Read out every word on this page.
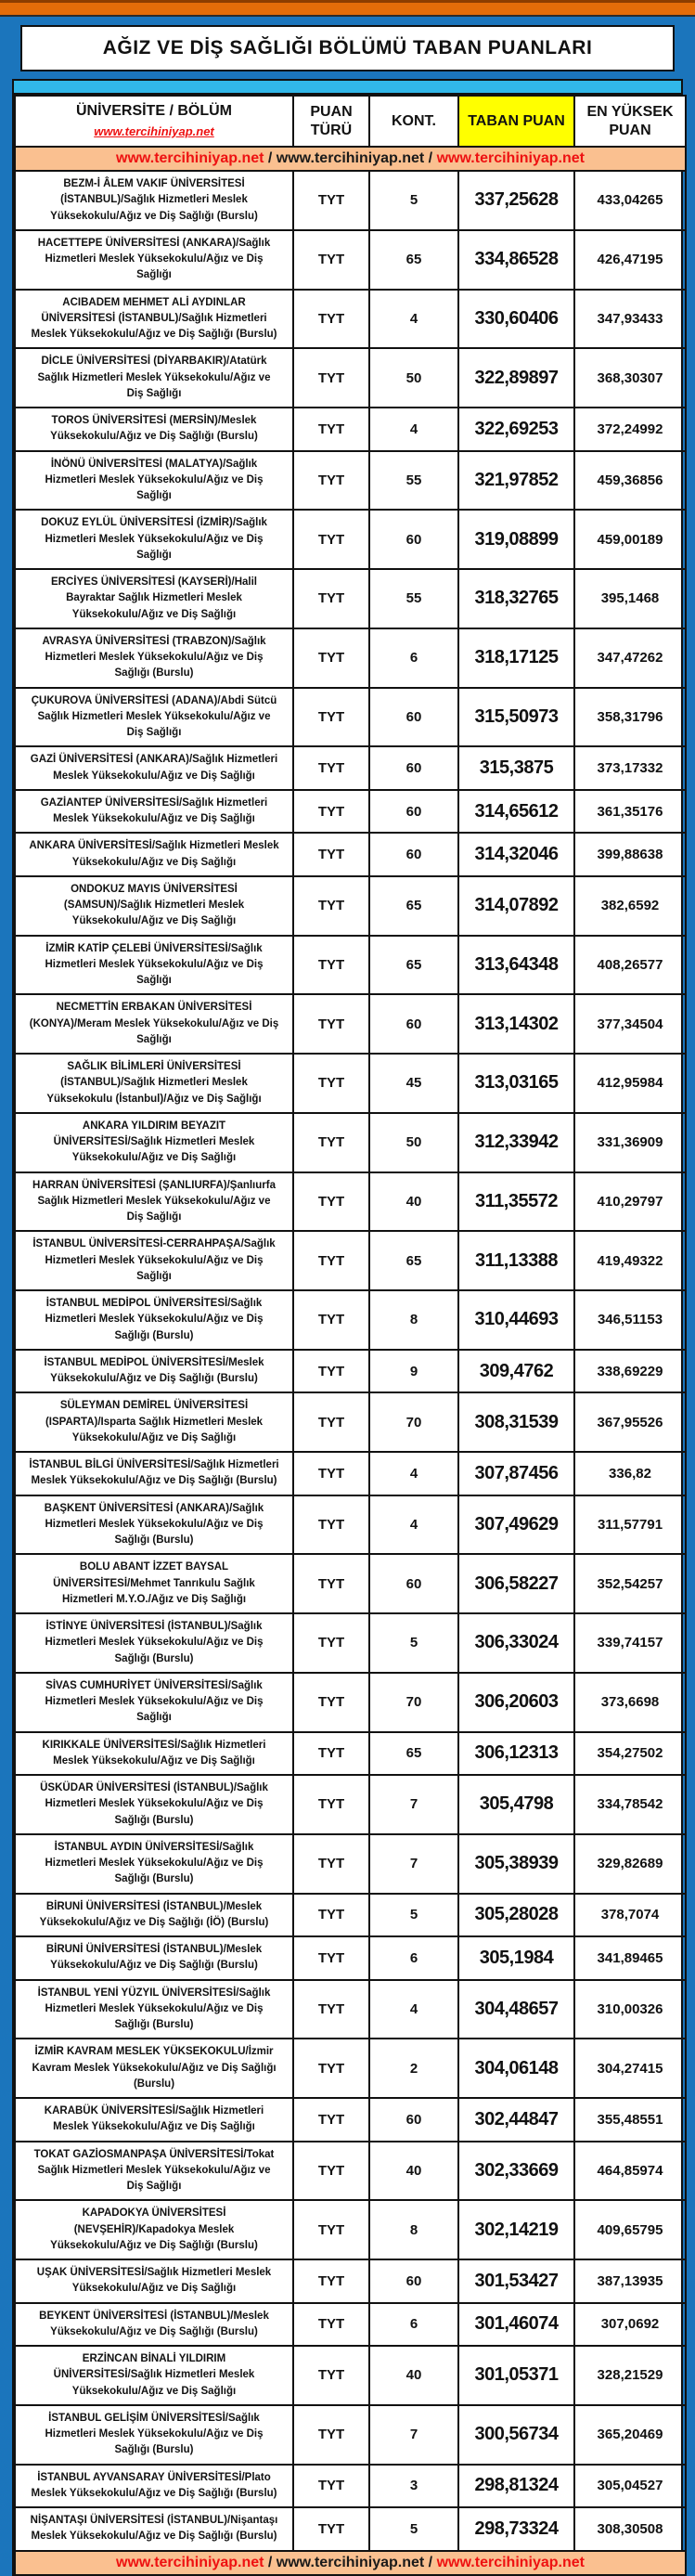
AĞIZ VE DİŞ SAĞLIĞI BÖLÜMÜ TABAN PUANLARI
ÜNİVERSİTE / BÖLÜM
www.tercihiniyap.net	PUAN TÜRÜ	KONT.	TABAN PUAN	EN YÜKSEK PUAN

www.tercihiniyap.net / www.tercihiniyap.net / www.tercihiniyap.net				
BEZM-İ ÂLEM VAKIF ÜNİVERSİTESİ (İSTANBUL)/Sağlık Hizmetleri Meslek Yüksekokulu/Ağız ve Diş Sağlığı (Burslu)	TYT	5	337,25628	433,04265
HACETTEPE ÜNİVERSİTESİ (ANKARA)/Sağlık Hizmetleri Meslek Yüksekokulu/Ağız ve Diş Sağlığı	TYT	65	334,86528	426,47195
ACIBADEM MEHMET ALİ AYDINLAR ÜNİVERSİTESİ (İSTANBUL)/Sağlık Hizmetleri Meslek Yüksekokulu/Ağız ve Diş Sağlığı (Burslu)	TYT	4	330,60406	347,93433
DİCLE ÜNİVERSİTESİ (DİYARBAKIR)/Atatürk Sağlık Hizmetleri Meslek Yüksekokulu/Ağız ve Diş Sağlığı	TYT	50	322,89897	368,30307
TOROS ÜNİVERSİTESİ (MERSİN)/Meslek Yüksekokulu/Ağız ve Diş Sağlığı (Burslu)	TYT	4	322,69253	372,24992
İNÖNÜ ÜNİVERSİTESİ (MALATYA)/Sağlık Hizmetleri Meslek Yüksekokulu/Ağız ve Diş Sağlığı	TYT	55	321,97852	459,36856
DOKUZ EYLÜL ÜNİVERSİTESİ (İZMİR)/Sağlık Hizmetleri Meslek Yüksekokulu/Ağız ve Diş Sağlığı	TYT	60	319,08899	459,00189
ERCİYES ÜNİVERSİTESİ (KAYSERİ)/Halil Bayraktar Sağlık Hizmetleri Meslek Yüksekokulu/Ağız ve Diş Sağlığı	TYT	55	318,32765	395,1468
AVRASYA ÜNİVERSİTESİ (TRABZON)/Sağlık Hizmetleri Meslek Yüksekokulu/Ağız ve Diş Sağlığı (Burslu)	TYT	6	318,17125	347,47262
ÇUKUROVA ÜNİVERSİTESİ (ADANA)/Abdi Sütcü Sağlık Hizmetleri Meslek Yüksekokulu/Ağız ve Diş Sağlığı	TYT	60	315,50973	358,31796
GAZİ ÜNİVERSİTESİ (ANKARA)/Sağlık Hizmetleri Meslek Yüksekokulu/Ağız ve Diş Sağlığı	TYT	60	315,3875	373,17332
GAZİANTEP ÜNİVERSİTESİ/Sağlık Hizmetleri Meslek Yüksekokulu/Ağız ve Diş Sağlığı	TYT	60	314,65612	361,35176
ANKARA ÜNİVERSİTESİ/Sağlık Hizmetleri Meslek Yüksekokulu/Ağız ve Diş Sağlığı	TYT	60	314,32046	399,88638
ONDOKUZ MAYIS ÜNİVERSİTESİ (SAMSUN)/Sağlık Hizmetleri Meslek Yüksekokulu/Ağız ve Diş Sağlığı	TYT	65	314,07892	382,6592
İZMİR KATİP ÇELEBİ ÜNİVERSİTESİ/Sağlık Hizmetleri Meslek Yüksekokulu/Ağız ve Diş Sağlığı	TYT	65	313,64348	408,26577
NECMETTİN ERBAKAN ÜNİVERSİTESİ (KONYA)/Meram Meslek Yüksekokulu/Ağız ve Diş Sağlığı	TYT	60	313,14302	377,34504
SAĞLIK BİLİMLERİ ÜNİVERSİTESİ (İSTANBUL)/Sağlık Hizmetleri Meslek Yüksekokulu (İstanbul)/Ağız ve Diş Sağlığı	TYT	45	313,03165	412,95984
ANKARA YILDIRIM BEYAZIT ÜNİVERSİTESİ/Sağlık Hizmetleri Meslek Yüksekokulu/Ağız ve Diş Sağlığı	TYT	50	312,33942	331,36909
HARRAN ÜNİVERSİTESİ (ŞANLIURFA)/Şanlıurfa Sağlık Hizmetleri Meslek Yüksekokulu/Ağız ve Diş Sağlığı	TYT	40	311,35572	410,29797
İSTANBUL ÜNİVERSİTESİ-CERRAHPAŞA/Sağlık Hizmetleri Meslek Yüksekokulu/Ağız ve Diş Sağlığı	TYT	65	311,13388	419,49322
İSTANBUL MEDİPOL ÜNİVERSİTESİ/Sağlık Hizmetleri Meslek Yüksekokulu/Ağız ve Diş Sağlığı (Burslu)	TYT	8	310,44693	346,51153
İSTANBUL MEDİPOL ÜNİVERSİTESİ/Meslek Yüksekokulu/Ağız ve Diş Sağlığı (Burslu)	TYT	9	309,4762	338,69229
SÜLEYMAN DEMİREL ÜNİVERSİTESİ (ISPARTA)/Isparta Sağlık Hizmetleri Meslek Yüksekokulu/Ağız ve Diş Sağlığı	TYT	70	308,31539	367,95526
İSTANBUL BİLGİ ÜNİVERSİTESİ/Sağlık Hizmetleri Meslek Yüksekokulu/Ağız ve Diş Sağlığı (Burslu)	TYT	4	307,87456	336,82
BAŞKENT ÜNİVERSİTESİ (ANKARA)/Sağlık Hizmetleri Meslek Yüksekokulu/Ağız ve Diş Sağlığı (Burslu)	TYT	4	307,49629	311,57791
BOLU ABANT İZZET BAYSAL ÜNİVERSİTESİ/Mehmet Tanrıkulu Sağlık Hizmetleri M.Y.O./Ağız ve Diş Sağlığı	TYT	60	306,58227	352,54257
İSTİNYE ÜNİVERSİTESİ (İSTANBUL)/Sağlık Hizmetleri Meslek Yüksekokulu/Ağız ve Diş Sağlığı (Burslu)	TYT	5	306,33024	339,74157
SİVAS CUMHURİYET ÜNİVERSİTESİ/Sağlık Hizmetleri Meslek Yüksekokulu/Ağız ve Diş Sağlığı	TYT	70	306,20603	373,6698
KIRIKKALE ÜNİVERSİTESİ/Sağlık Hizmetleri Meslek Yüksekokulu/Ağız ve Diş Sağlığı	TYT	65	306,12313	354,27502
ÜSKÜDAR ÜNİVERSİTESİ (İSTANBUL)/Sağlık Hizmetleri Meslek Yüksekokulu/Ağız ve Diş Sağlığı (Burslu)	TYT	7	305,4798	334,78542
İSTANBUL AYDIN ÜNİVERSİTESİ/Sağlık Hizmetleri Meslek Yüksekokulu/Ağız ve Diş Sağlığı (Burslu)	TYT	7	305,38939	329,82689
BİRUNİ ÜNİVERSİTESİ (İSTANBUL)/Meslek Yüksekokulu/Ağız ve Diş Sağlığı (İÖ) (Burslu)	TYT	5	305,28028	378,7074
BİRUNİ ÜNİVERSİTESİ (İSTANBUL)/Meslek Yüksekokulu/Ağız ve Diş Sağlığı (Burslu)	TYT	6	305,1984	341,89465
İSTANBUL YENİ YÜZYIL ÜNİVERSİTESİ/Sağlık Hizmetleri Meslek Yüksekokulu/Ağız ve Diş Sağlığı (Burslu)	TYT	4	304,48657	310,00326
İZMİR KAVRAM MESLEK YÜKSEKOKULU/İzmir Kavram Meslek Yüksekokulu/Ağız ve Diş Sağlığı (Burslu)	TYT	2	304,06148	304,27415
KARABÜK ÜNİVERSİTESİ/Sağlık Hizmetleri Meslek Yüksekokulu/Ağız ve Diş Sağlığı	TYT	60	302,44847	355,48551
TOKAT GAZİOSMANPAŞA ÜNİVERSİTESİ/Tokat Sağlık Hizmetleri Meslek Yüksekokulu/Ağız ve Diş Sağlığı	TYT	40	302,33669	464,85974
KAPADOKYA ÜNİVERSİTESİ (NEVŞEHİR)/Kapadokya Meslek Yüksekokulu/Ağız ve Diş Sağlığı (Burslu)	TYT	8	302,14219	409,65795
UŞAK ÜNİVERSİTESİ/Sağlık Hizmetleri Meslek Yüksekokulu/Ağız ve Diş Sağlığı	TYT	60	301,53427	387,13935
BEYKENT ÜNİVERSİTESİ (İSTANBUL)/Meslek Yüksekokulu/Ağız ve Diş Sağlığı (Burslu)	TYT	6	301,46074	307,0692
ERZİNCAN BİNALİ YILDIRIM ÜNİVERSİTESİ/Sağlık Hizmetleri Meslek Yüksekokulu/Ağız ve Diş Sağlığı	TYT	40	301,05371	328,21529
İSTANBUL GELİŞİM ÜNİVERSİTESİ/Sağlık Hizmetleri Meslek Yüksekokulu/Ağız ve Diş Sağlığı (Burslu)	TYT	7	300,56734	365,20469
İSTANBUL AYVANSARAY ÜNİVERSİTESİ/Plato Meslek Yüksekokulu/Ağız ve Diş Sağlığı (Burslu)	TYT	3	298,81324	305,04527
NİŞANTAŞI ÜNİVERSİTESİ (İSTANBUL)/Nişantaşı Meslek Yüksekokulu/Ağız ve Diş Sağlığı (Burslu)	TYT	5	298,73324	308,30508
www.tercihiniyap.net / www.tercihiniyap.net / www.tercihiniyap.net				
